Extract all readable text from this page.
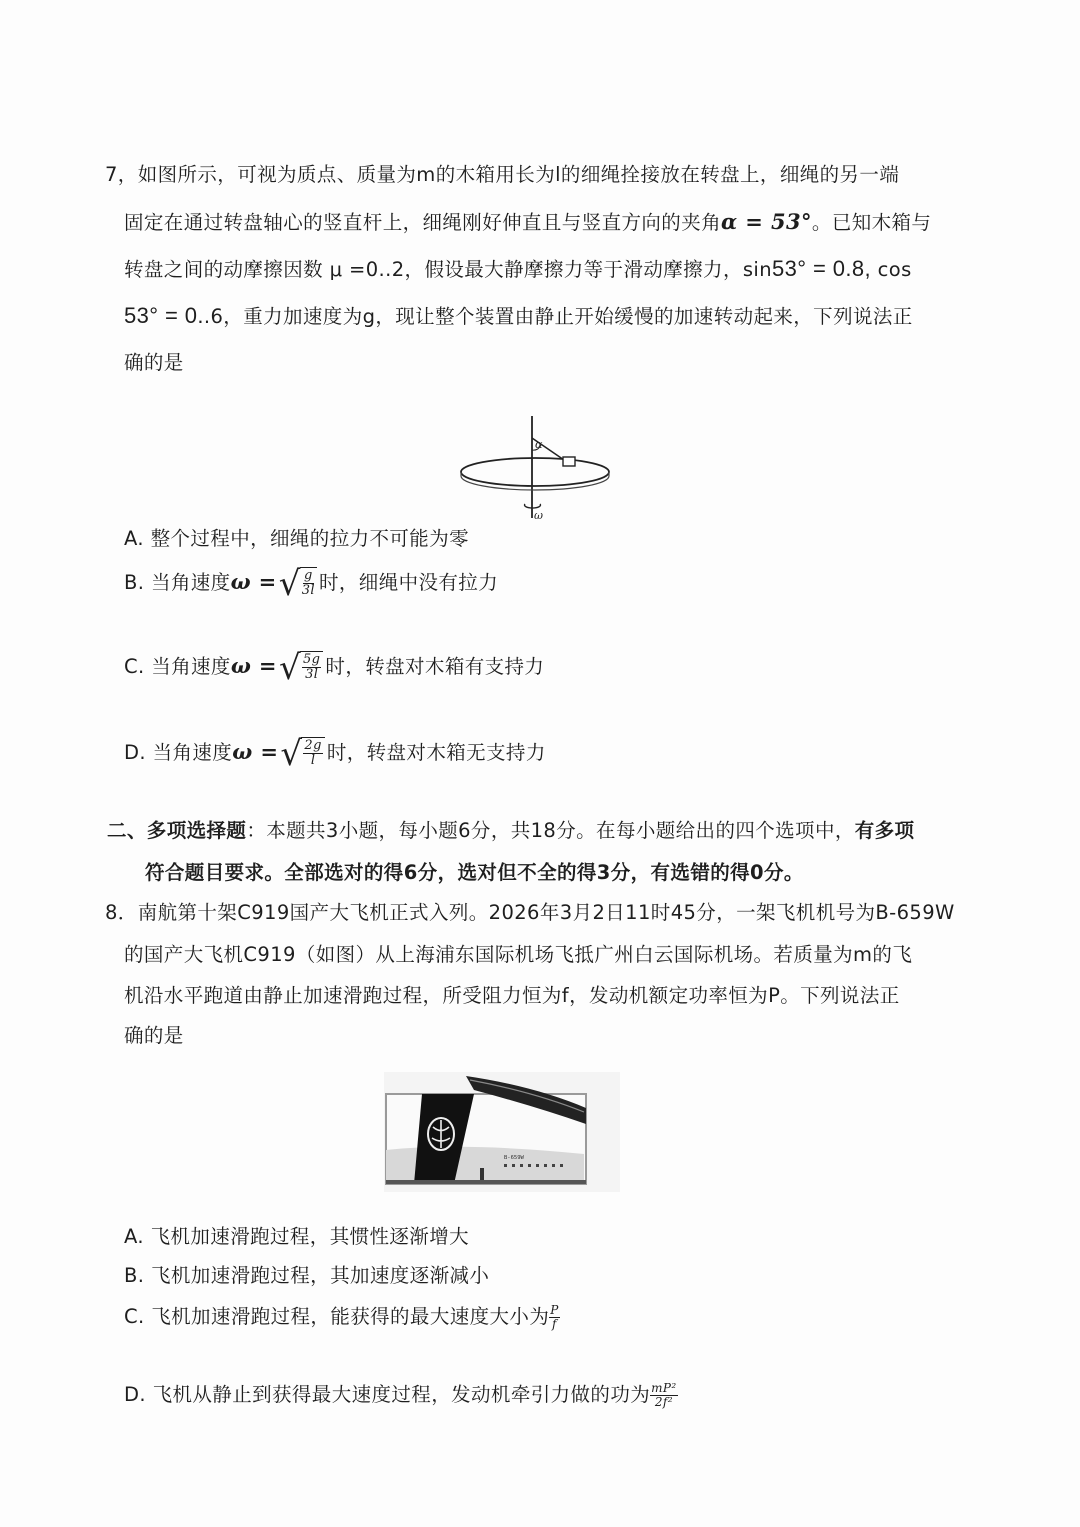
7，如图所示，可视为质点、质量为m的木箱用长为l的细绳拴接放在转盘上，细绳的另一端
固定在通过转盘轴心的竖直杆上，细绳刚好伸直且与竖直方向的夹角α = 53°。已知木箱与
转盘之间的动摩擦因数 μ =0..2，假设最大静摩擦力等于滑动摩擦力，sin53° = 0.8, cos
53° = 0..6，重力加速度为g，现让整个装置由静止开始缓慢的加速转动起来，下列说法正
确的是
α
ω
A. 整个过程中，细绳的拉力不可能为零
B. 当角速度ω = √ $\frac{g}{3l}$ 时，细绳中没有拉力
C. 当角速度ω = √ $\frac{5g}{3l}$ 时，转盘对木箱有支持力
D. 当角速度ω = √ $\frac{2g}{l}$ 时，转盘对木箱无支持力
二、多项选择题：本题共3小题，每小题6分，共18分。在每小题给出的四个选项中，有多项
符合题目要求。全部选对的得6分，选对但不全的得3分，有选错的得0分。
8．南航第十架C919国产大飞机正式入列。2026年3月2日11时45分，一架飞机机号为B-659W
的国产大飞机C919（如图）从上海浦东国际机场飞抵广州白云国际机场。若质量为m的飞
机沿水平跑道由静止加速滑跑过程，所受阻力恒为f，发动机额定功率恒为P。下列说法正
确的是
B-659W
A. 飞机加速滑跑过程，其惯性逐渐增大
B. 飞机加速滑跑过程，其加速度逐渐减小
C. 飞机加速滑跑过程，能获得的最大速度大小为 $\frac{P}{f}$
D. 飞机从静止到获得最大速度过程，发动机牵引力做的功为 $\frac{\text{mP²}}{\text{2f²}}$
